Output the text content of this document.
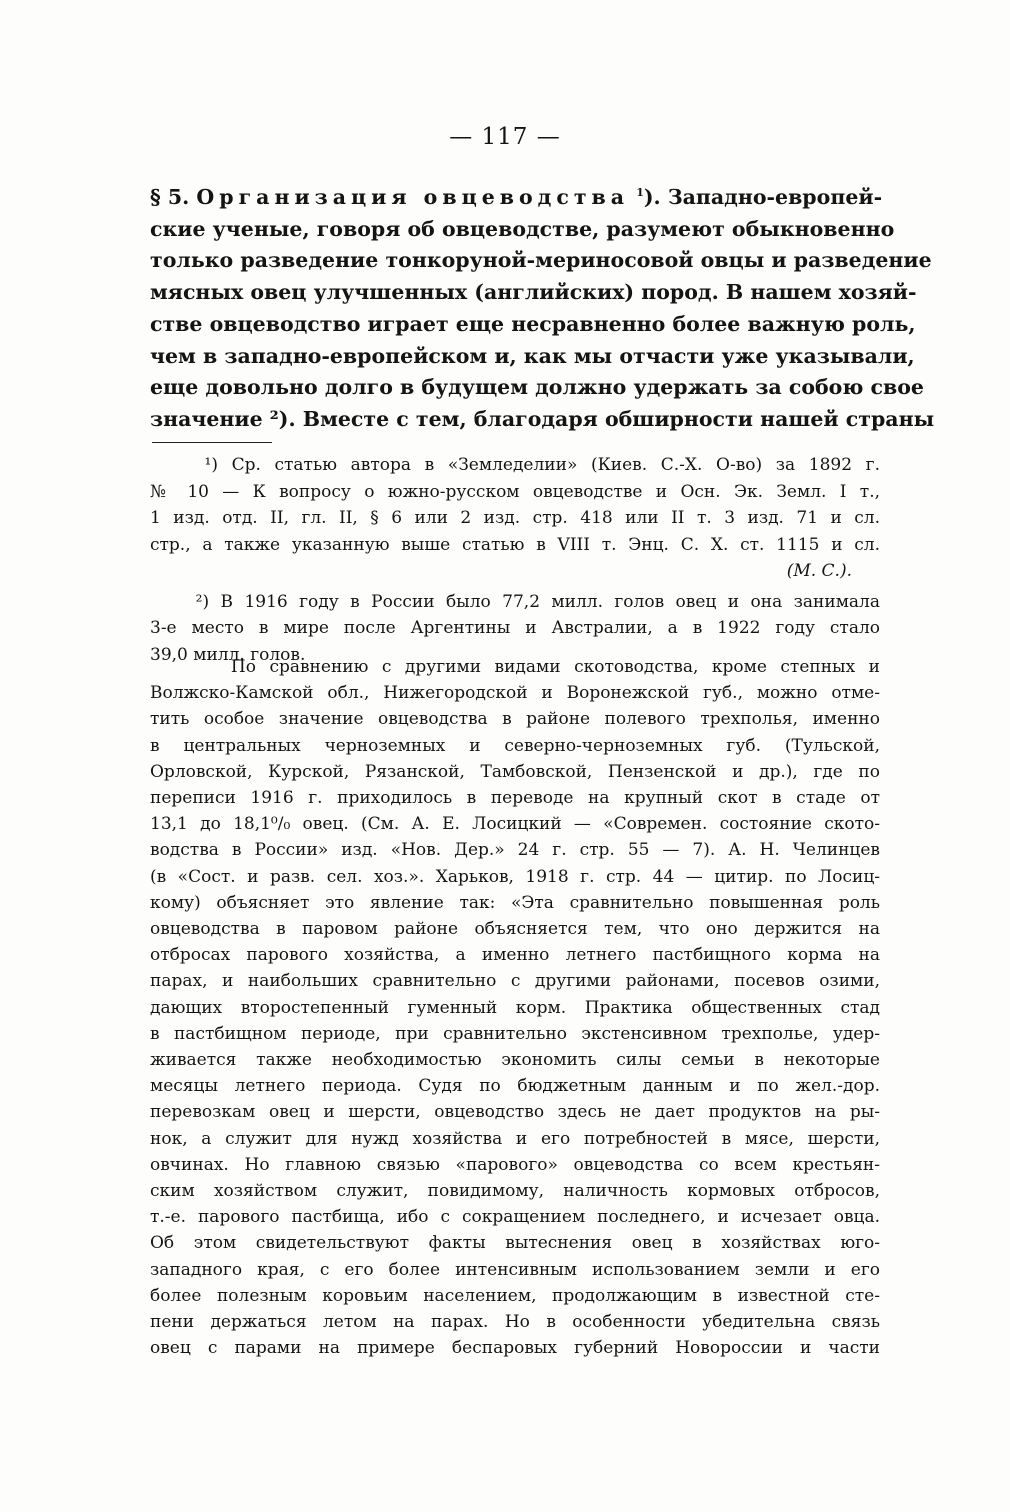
— 117 —
§ 5. Организация овцеводства $^1$). Западно-европей-
ские ученые, говоря об овцеводстве, разумеют обыкновенно
только разведение тонкоруной-мериносовой овцы и разведение
мясных овец улучшенных (английских) пород. В нашем хозяй-
стве овцеводство играет еще несравненно более важную роль,
чем в западно-европейском и, как мы отчасти уже указывали,
еще довольно долго в будущем должно удержать за собою свое
значение ²). Вместе с тем, благодаря обширности нашей страны
¹) Ср. статью автора в «Земледелии» (Киев. С.-Х. О-во) за 1892 г.
№ 10 — К вопросу о южно-русском овцеводстве и Осн. Эк. Земл. I т.,
1 изд. отд. II, гл. II, § 6 или 2 изд. стр. 418 или II т. 3 изд. 71 и сл.
стр., а также указанную выше статью в VIII т. Энц. С. Х. ст. 1115 и сл.
(М. С.).
²) В 1916 году в России было 77,2 милл. голов овец и она занимала
3-е место в мире после Аргентины и Австралии, а в 1922 году стало
39,0 милл. голов.
По сравнению с другими видами скотоводства, кроме степных и
Волжско-Камской обл., Нижегородской и Воронежской губ., можно отме-
тить особое значение овцеводства в районе полевого трехполья, именно
в центральных черноземных и северно-черноземных губ. (Тульской,
Орловской, Курской, Рязанской, Тамбовской, Пензенской и др.), где по
переписи 1916 г. приходилось в переводе на крупный скот в стаде от
13,1 до 18,1⁰/₀ овец. (См. А. Е. Лосицкий — «Современ. состояние ското-
водства в России» изд. «Нов. Дер.» 24 г. стр. 55 — 7). А. Н. Челинцев
(в «Сост. и разв. сел. хоз.». Харьков, 1918 г. стр. 44 — цитир. по Лосиц-
кому) объясняет это явление так: «Эта сравнительно повышенная роль
овцеводства в паровом районе объясняется тем, что оно держится на
отбросах парового хозяйства, а именно летнего пастбищного корма на
парах, и наибольших сравнительно с другими районами, посевов озими,
дающих второстепенный гуменный корм. Практика общественных стад
в пастбищном периоде, при сравнительно экстенсивном трехполье, удер-
живается также необходимостью экономить силы семьи в некоторые
месяцы летнего периода. Судя по бюджетным данным и по жел.-дор.
перевозкам овец и шерсти, овцеводство здесь не дает продуктов на ры-
нок, а служит для нужд хозяйства и его потребностей в мясе, шерсти,
овчинах. Но главною связью «парового» овцеводства со всем крестьян-
ским хозяйством служит, повидимому, наличность кормовых отбросов,
т.-е. парового пастбища, ибо с сокращением последнего, и исчезает овца.
Об этом свидетельствуют факты вытеснения овец в хозяйствах юго-
западного края, с его более интенсивным использованием земли и его
более полезным коровьим населением, продолжающим в известной сте-
пени держаться летом на парах. Но в особенности убедительна связь
овец с парами на примере беспаровых губерний Новороссии и части
